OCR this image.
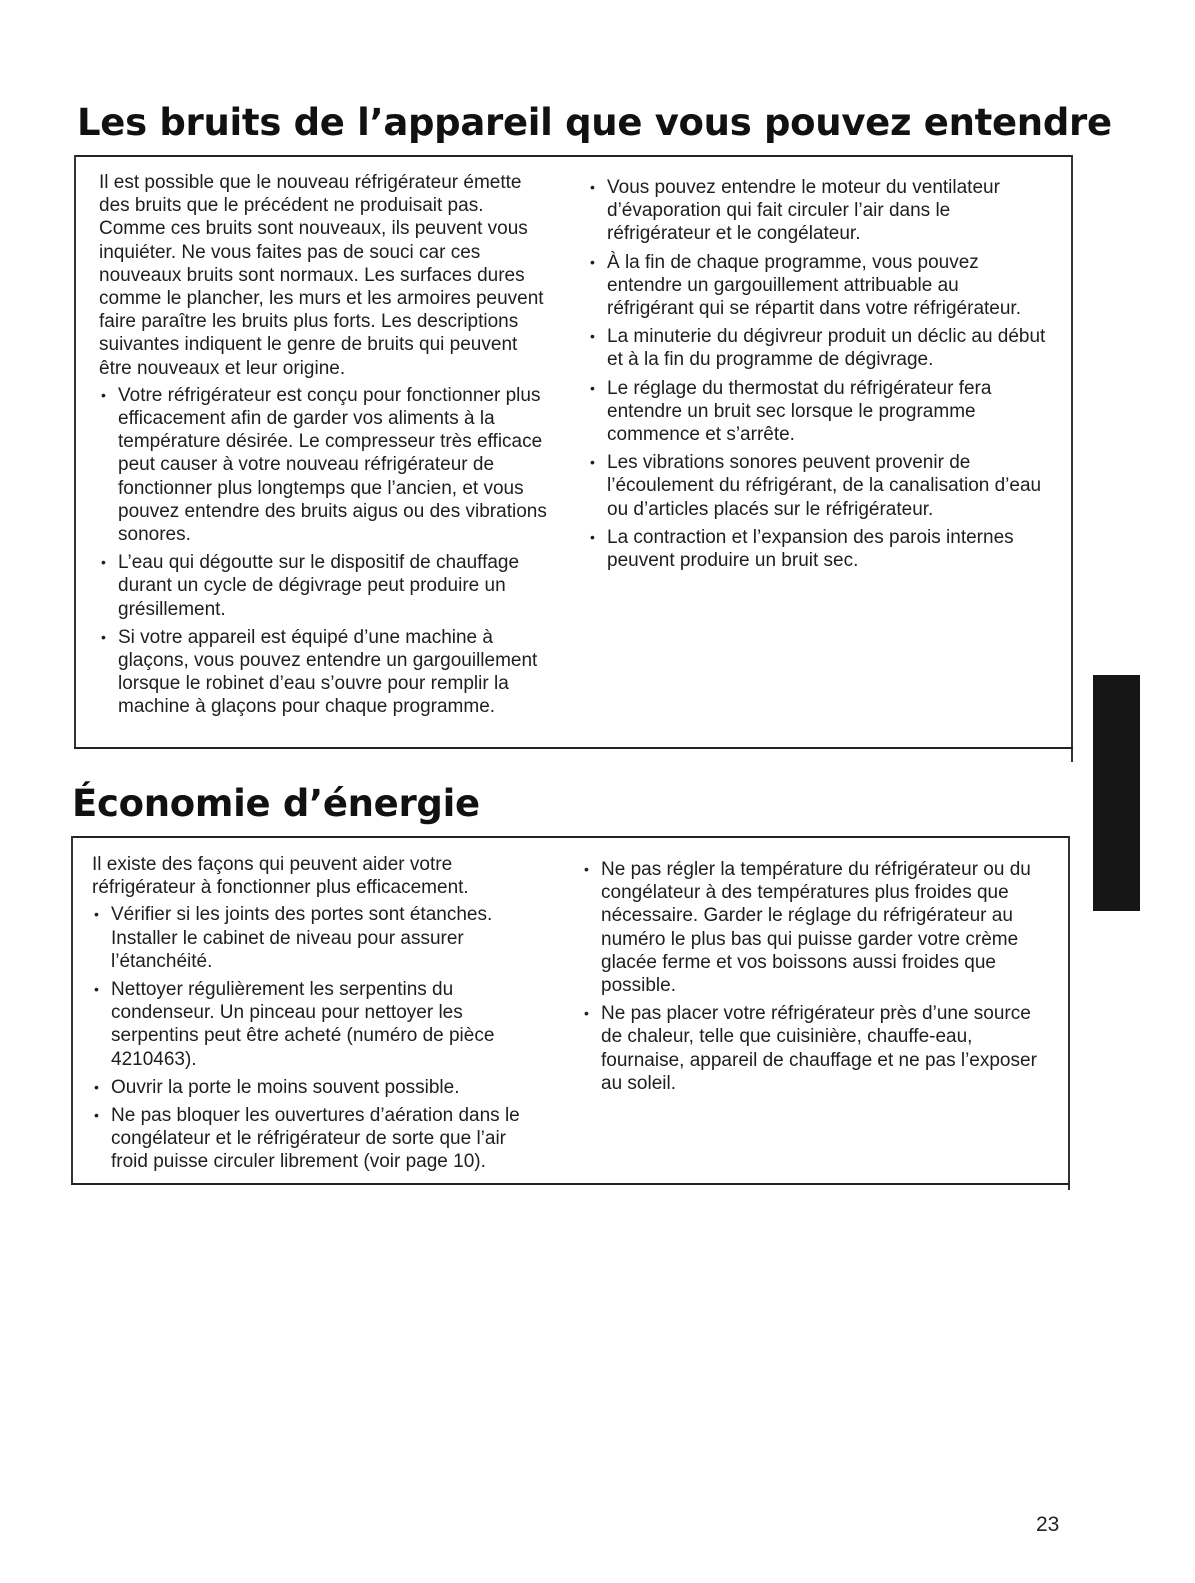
Les bruits de l’appareil que vous pouvez entendre

Il est possible que le nouveau réfrigérateur émette des bruits que le précédent ne produisait pas. Comme ces bruits sont nouveaux, ils peuvent vous inquiéter. Ne vous faites pas de souci car ces nouveaux bruits sont normaux. Les surfaces dures comme le plancher, les murs et les armoires peuvent faire paraître les bruits plus forts. Les descriptions suivantes indiquent le genre de bruits qui peuvent être nouveaux et leur origine.

• Votre réfrigérateur est conçu pour fonctionner plus efficacement afin de garder vos aliments à la température désirée. Le compresseur très efficace peut causer à votre nouveau réfrigérateur de fonctionner plus longtemps que l’ancien, et vous pouvez entendre des bruits aigus ou des vibrations sonores.
• L’eau qui dégoutte sur le dispositif de chauffage durant un cycle de dégivrage peut produire un grésillement.
• Si votre appareil est équipé d’une machine à glaçons, vous pouvez entendre un gargouillement lorsque le robinet d’eau s’ouvre pour remplir la machine à glaçons pour chaque programme.
• Vous pouvez entendre le moteur du ventilateur d’évaporation qui fait circuler l’air dans le réfrigérateur et le congélateur.
• À la fin de chaque programme, vous pouvez entendre un gargouillement attribuable au réfrigérant qui se répartit dans votre réfrigérateur.
• La minuterie du dégivreur produit un déclic au début et à la fin du programme de dégivrage.
• Le réglage du thermostat du réfrigérateur fera entendre un bruit sec lorsque le programme commence et s’arrête.
• Les vibrations sonores peuvent provenir de l’écoulement du réfrigérant, de la canalisation d’eau ou d’articles placés sur le réfrigérateur.
• La contraction et l’expansion des parois internes peuvent produire un bruit sec.
Économie d’énergie

Il existe des façons qui peuvent aider votre réfrigérateur à fonctionner plus efficacement.

• Vérifier si les joints des portes sont étanches. Installer le cabinet de niveau pour assurer l’étanchéité.
• Nettoyer régulièrement les serpentins du condenseur. Un pinceau pour nettoyer les serpentins peut être acheté (numéro de pièce 4210463).
• Ouvrir la porte le moins souvent possible.
• Ne pas bloquer les ouvertures d’aération dans le congélateur et le réfrigérateur de sorte que l’air froid puisse circuler librement (voir page 10).
• Ne pas régler la température du réfrigérateur ou du congélateur à des températures plus froides que nécessaire. Garder le réglage du réfrigérateur au numéro le plus bas qui puisse garder votre crème glacée ferme et vos boissons aussi froides que possible.
• Ne pas placer votre réfrigérateur près d’une source de chaleur, telle que cuisinière, chauffe-eau, fournaise, appareil de chauffage et ne pas l’exposer au soleil.
23
